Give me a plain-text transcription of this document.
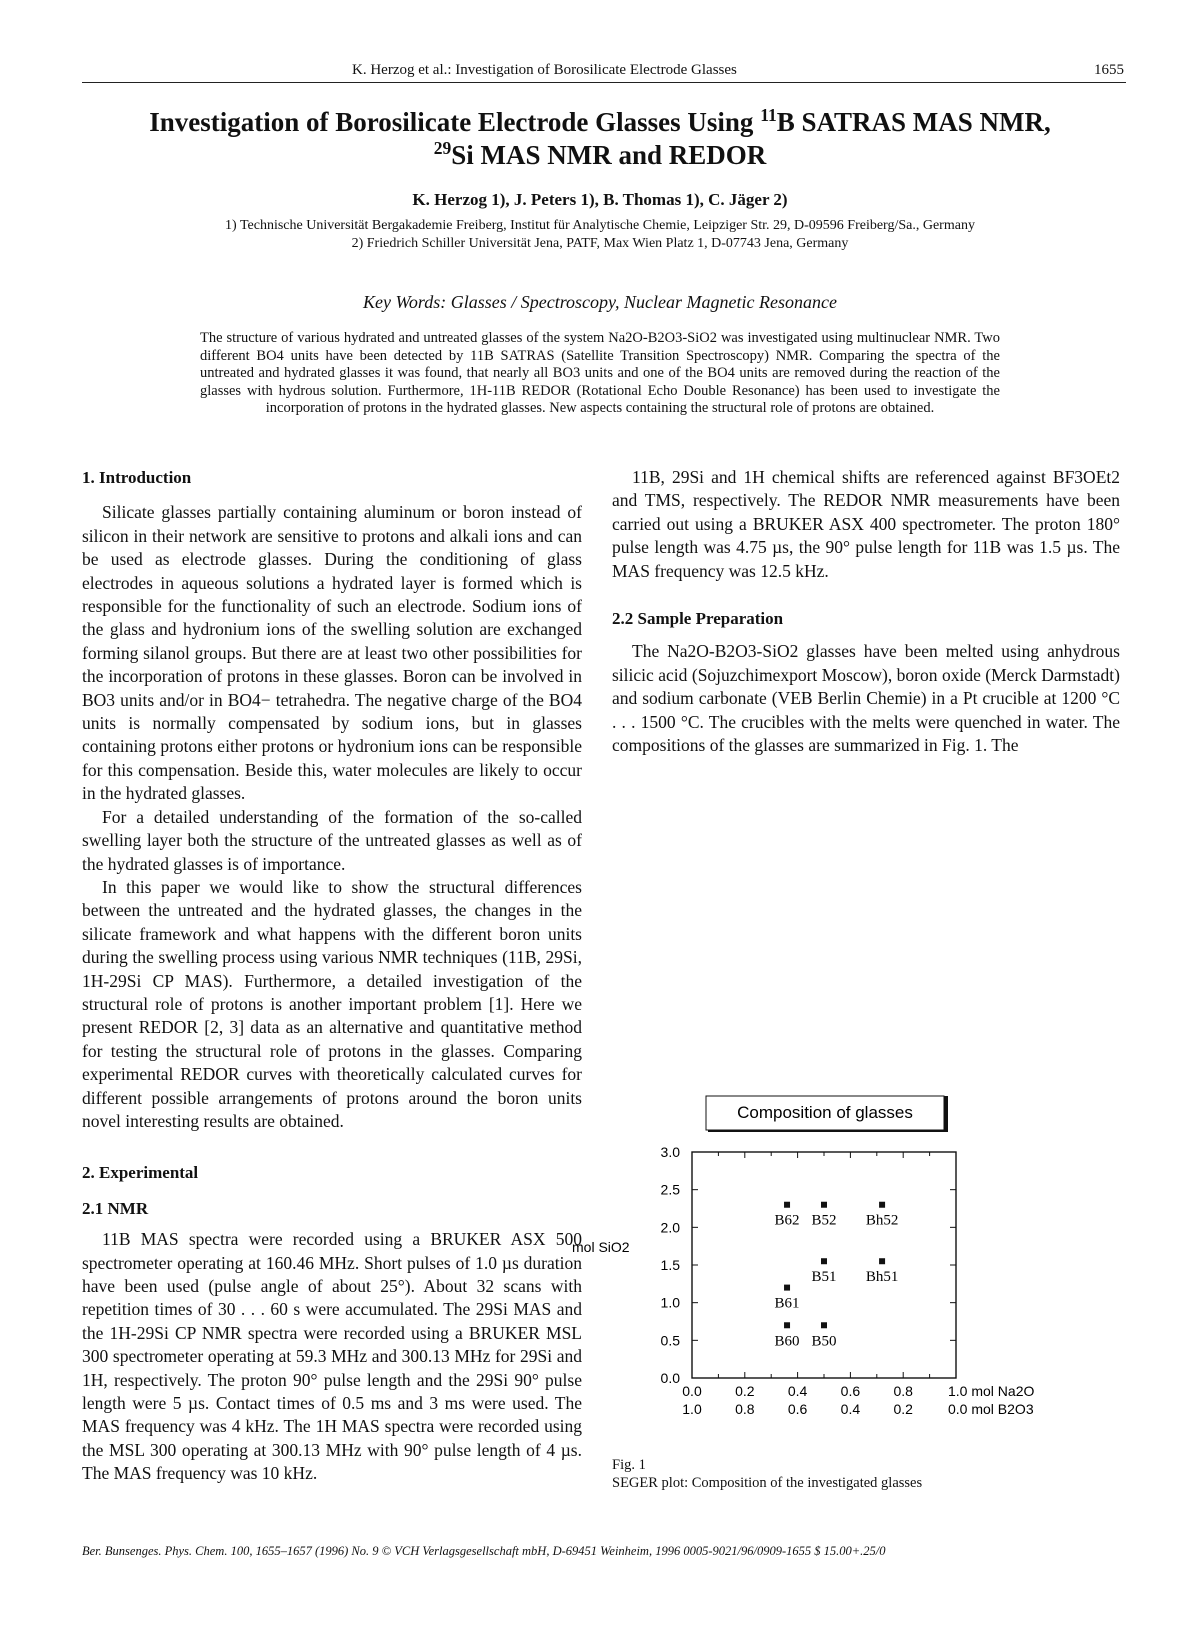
K. Herzog et al.: Investigation of Borosilicate Electrode Glasses	1655
Investigation of Borosilicate Electrode Glasses Using $^{11}$B SATRAS MAS NMR,
$^{29}$Si MAS NMR and REDOR
K. Herzog 1), J. Peters 1), B. Thomas 1), C. Jäger 2)
1) Technische Universität Bergakademie Freiberg, Institut für Analytische Chemie, Leipziger Str. 29, D-09596 Freiberg/Sa., Germany
2) Friedrich Schiller Universität Jena, PATF, Max Wien Platz 1, D-07743 Jena, Germany
Key Words: Glasses / Spectroscopy, Nuclear Magnetic Resonance
The structure of various hydrated and untreated glasses of the system Na2O-B2O3-SiO2 was investigated using multinuclear NMR. Two different BO4 units have been detected by 11B SATRAS (Satellite Transition Spectroscopy) NMR. Comparing the spectra of the untreated and hydrated glasses it was found, that nearly all BO3 units and one of the BO4 units are removed during the reaction of the glasses with hydrous solution. Furthermore, 1H-11B REDOR (Rotational Echo Double Resonance) has been used to investigate the incorporation of protons in the hydrated glasses. New aspects containing the structural role of protons are obtained.
1. Introduction

Silicate glasses partially containing aluminum or boron instead of silicon in their network are sensitive to protons and alkali ions and can be used as electrode glasses. During the conditioning of glass electrodes in aqueous solutions a hydrated layer is formed which is responsible for the functionality of such an electrode. Sodium ions of the glass and hydronium ions of the swelling solution are exchanged forming silanol groups. But there are at least two other possibilities for the incorporation of protons in these glasses. Boron can be involved in BO3 units and/or in BO4− tetrahedra. The negative charge of the BO4 units is normally compensated by sodium ions, but in glasses containing protons either protons or hydronium ions can be responsible for this compensation. Beside this, water molecules are likely to occur in the hydrated glasses.

For a detailed understanding of the formation of the so-called swelling layer both the structure of the untreated glasses as well as of the hydrated glasses is of importance.

In this paper we would like to show the structural differences between the untreated and the hydrated glasses, the changes in the silicate framework and what happens with the different boron units during the swelling process using various NMR techniques (11B, 29Si, 1H-29Si CP MAS). Furthermore, a detailed investigation of the structural role of protons is another important problem [1]. Here we present REDOR [2, 3] data as an alternative and quantitative method for testing the structural role of protons in the glasses. Comparing experimental REDOR curves with theoretically calculated curves for different possible arrangements of protons around the boron units novel interesting results are obtained.

2. Experimental
2.1 NMR

11B MAS spectra were recorded using a BRUKER ASX 500 spectrometer operating at 160.46 MHz. Short pulses of 1.0 µs duration have been used (pulse angle of about 25°). About 32 scans with repetition times of 30 . . . 60 s were accumulated. The 29Si MAS and the 1H-29Si CP NMR spectra were recorded using a BRUKER MSL 300 spectrometer operating at 59.3 MHz and 300.13 MHz for 29Si and 1H, respectively. The proton 90° pulse length and the 29Si 90° pulse length were 5 µs. Contact times of 0.5 ms and 3 ms were used. The MAS frequency was 4 kHz. The 1H MAS spectra were recorded using the MSL 300 operating at 300.13 MHz with 90° pulse length of 4 µs. The MAS frequency was 10 kHz.

11B, 29Si and 1H chemical shifts are referenced against BF3OEt2 and TMS, respectively. The REDOR NMR measurements have been carried out using a BRUKER ASX 400 spectrometer. The proton 180° pulse length was 4.75 µs, the 90° pulse length for 11B was 1.5 µs. The MAS frequency was 12.5 kHz.

2.2 Sample Preparation

The Na2O-B2O3-SiO2 glasses have been melted using anhydrous silicic acid (Sojuzchimexport Moscow), boron oxide (Merck Darmstadt) and sodium carbonate (VEB Berlin Chemie) in a Pt crucible at 1200 °C . . . 1500 °C. The crucibles with the melts were quenched in water. The compositions of the glasses are summarized in Fig. 1. The

Composition of glasses
0.0
0.5
1.0
1.5
2.0
2.5
3.0
0.0
1.0
0.2
0.8
0.4
0.6
0.6
0.4
0.8
0.2
1.0 mol Na2O
0.0 mol B2O3
mol SiO2
B62 B52 Bh52
B51 Bh51
B61
B60 B50
Fig. 1
SEGER plot: Composition of the investigated glasses
Ber. Bunsenges. Phys. Chem. 100, 1655–1657 (1996) No. 9 © VCH Verlagsgesellschaft mbH, D-69451 Weinheim, 1996 0005-9021/96/0909-1655 $ 15.00+.25/0
